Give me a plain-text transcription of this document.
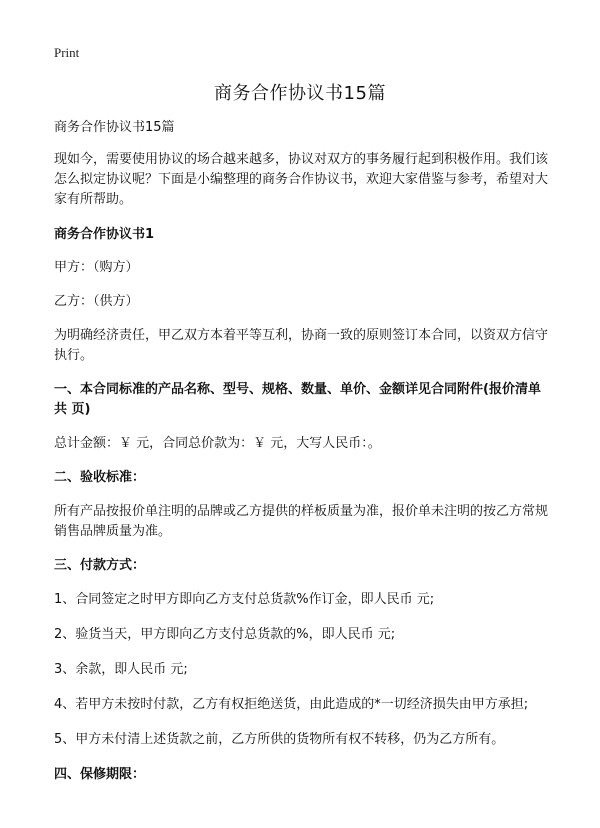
Print
商务合作协议书15篇

商务合作协议书15篇

现如今，需要使用协议的场合越来越多，协议对双方的事务履行起到积极作用。我们该怎么拟定协议呢？下面是小编整理的商务合作协议书，欢迎大家借鉴与参考，希望对大家有所帮助。

商务合作协议书1

甲方：（购方）

乙方：（供方）

为明确经济责任，甲乙双方本着平等互利，协商一致的原则签订本合同，以资双方信守执行。

一、本合同标准的产品名称、型号、规格、数量、单价、金额详见合同附件(报价清单共 页)

总计金额：￥ 元，合同总价款为：￥ 元，大写人民币：。

二、验收标准：

所有产品按报价单注明的品牌或乙方提供的样板质量为准，报价单未注明的按乙方常规销售品牌质量为准。

三、付款方式：

1、合同签定之时甲方即向乙方支付总货款%作订金，即人民币 元;

2、验货当天，甲方即向乙方支付总货款的%，即人民币 元;

3、余款，即人民币 元;

4、若甲方未按时付款，乙方有权拒绝送货，由此造成的*一切经济损失由甲方承担;

5、甲方未付清上述货款之前，乙方所供的货物所有权不转移，仍为乙方所有。

四、保修期限：
